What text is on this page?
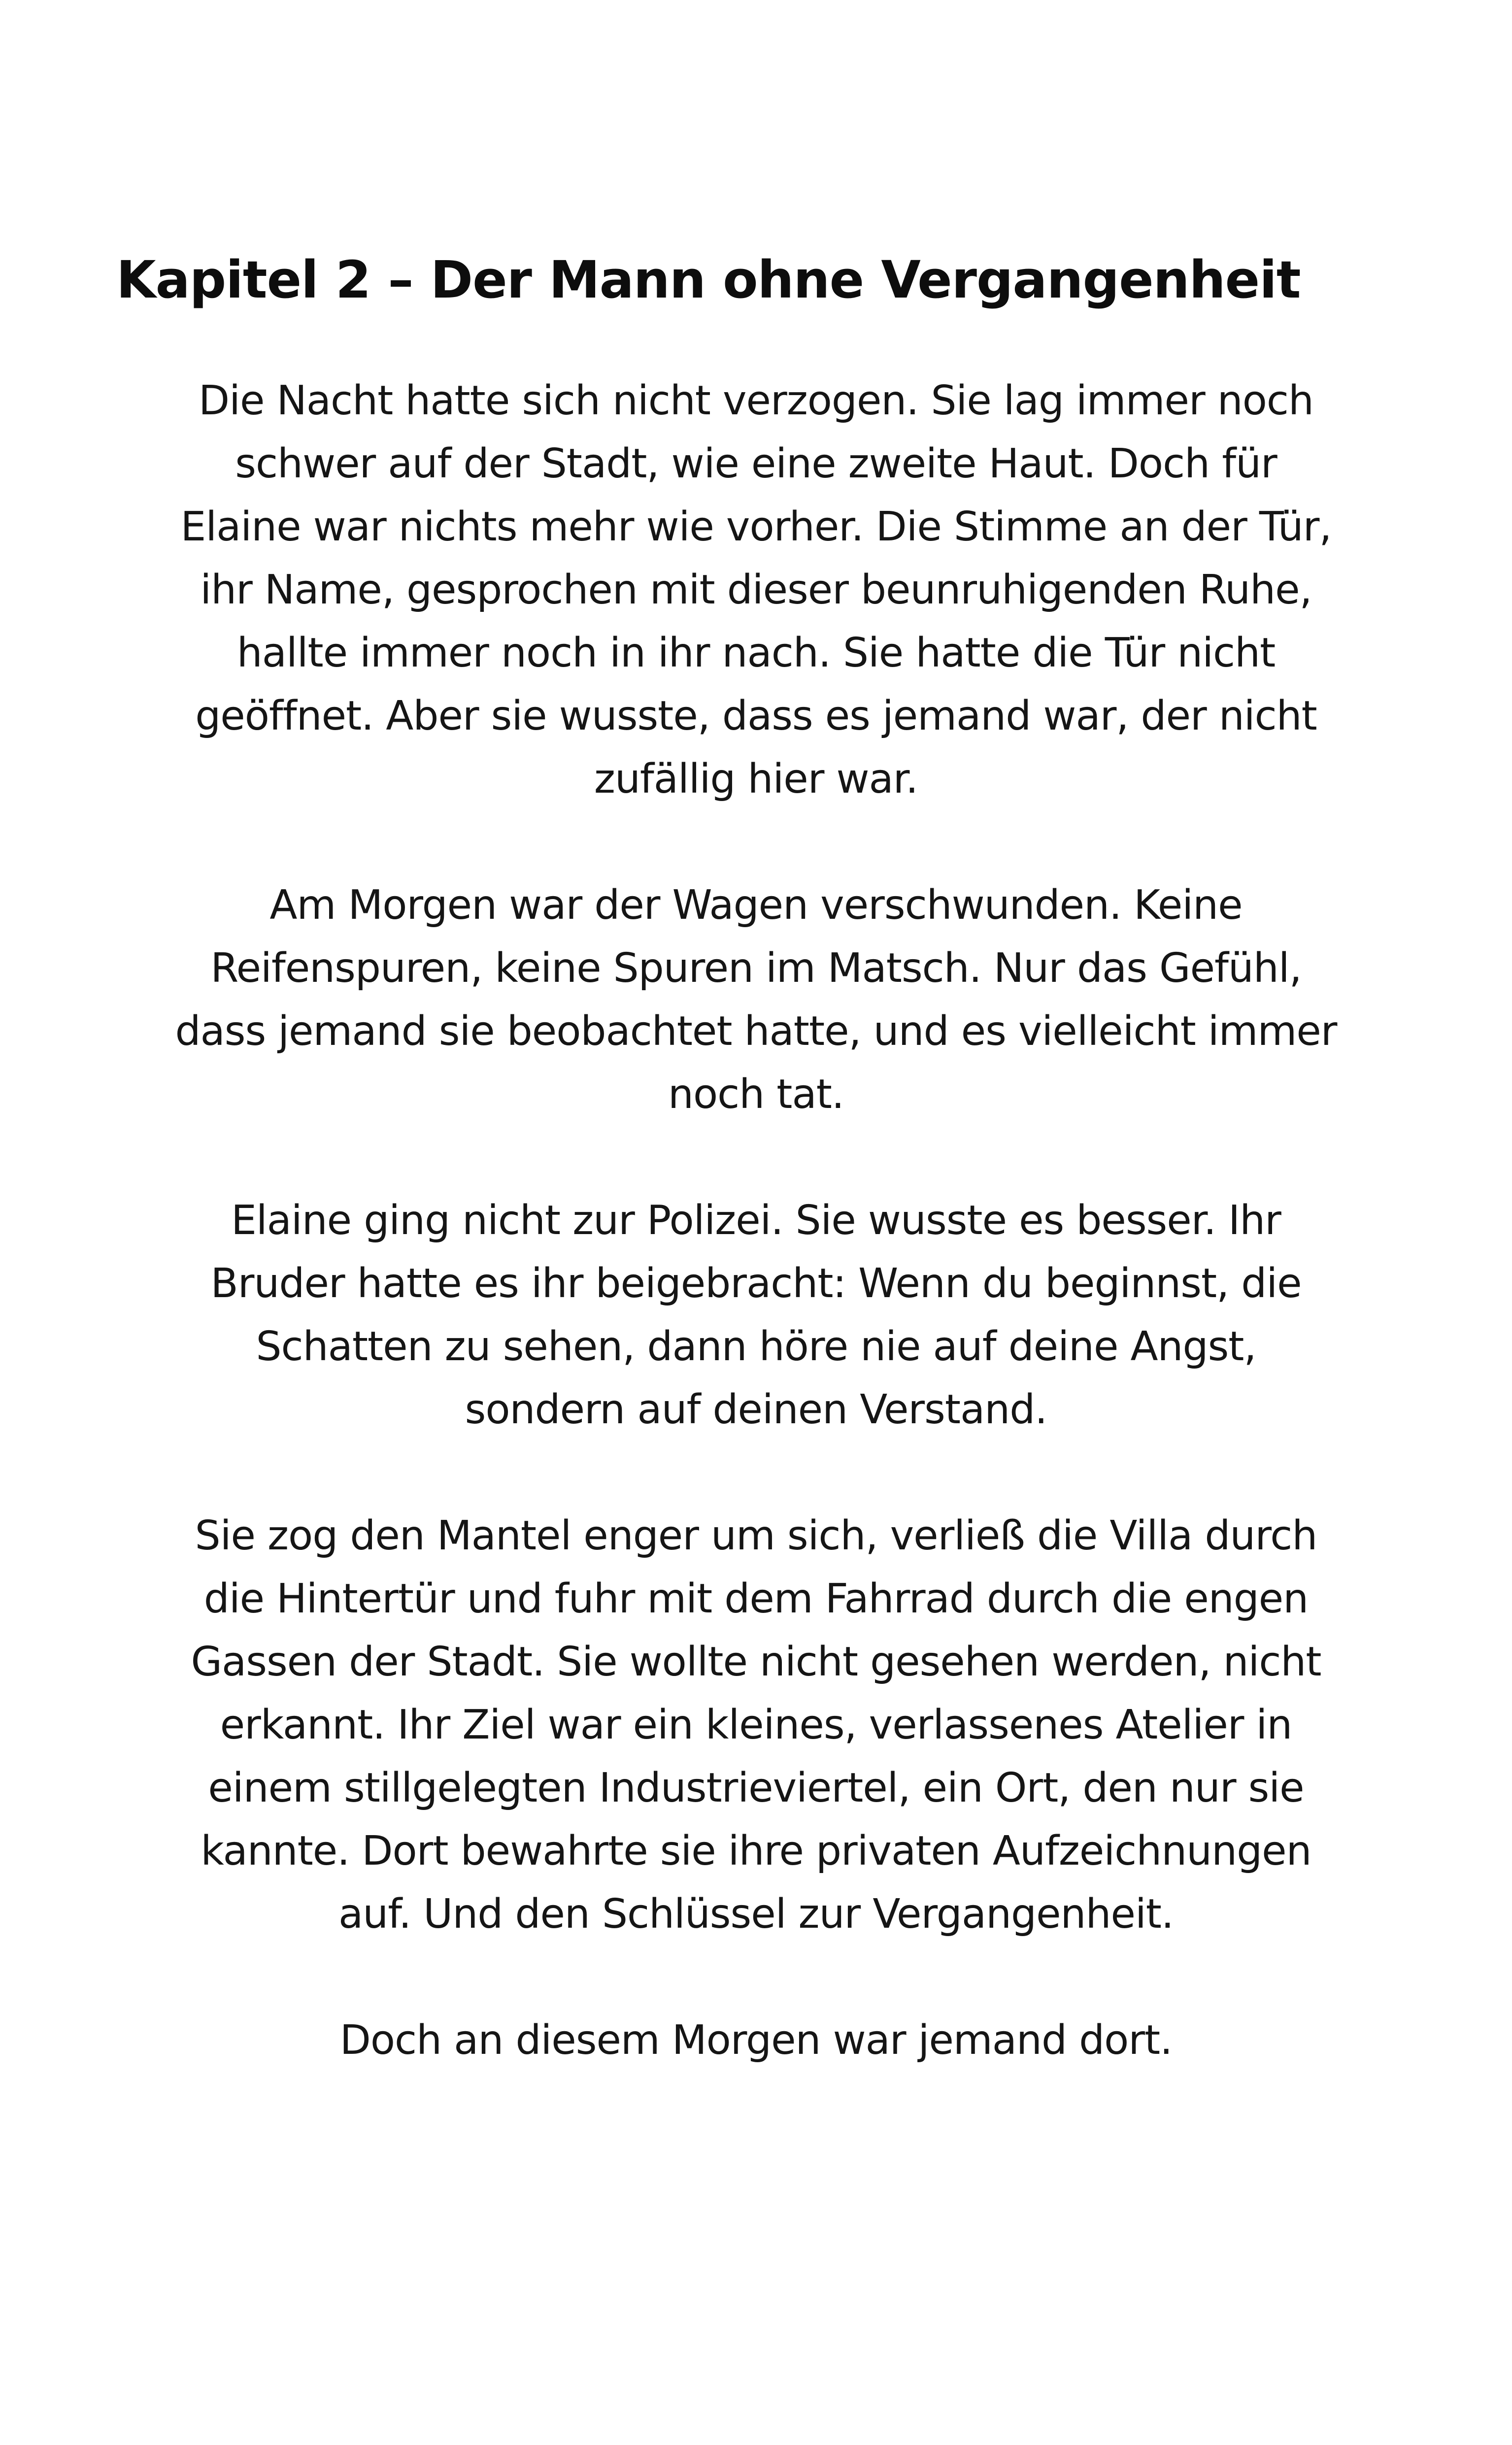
Kapitel 2 – Der Mann ohne Vergangenheit

Die Nacht hatte sich nicht verzogen. Sie lag immer noch
schwer auf der Stadt, wie eine zweite Haut. Doch für
Elaine war nichts mehr wie vorher. Die Stimme an der Tür,
ihr Name, gesprochen mit dieser beunruhigenden Ruhe,
hallte immer noch in ihr nach. Sie hatte die Tür nicht
geöffnet. Aber sie wusste, dass es jemand war, der nicht
zufällig hier war.

Am Morgen war der Wagen verschwunden. Keine
Reifenspuren, keine Spuren im Matsch. Nur das Gefühl,
dass jemand sie beobachtet hatte, und es vielleicht immer
noch tat.

Elaine ging nicht zur Polizei. Sie wusste es besser. Ihr
Bruder hatte es ihr beigebracht: Wenn du beginnst, die
Schatten zu sehen, dann höre nie auf deine Angst,
sondern auf deinen Verstand.

Sie zog den Mantel enger um sich, verließ die Villa durch
die Hintertür und fuhr mit dem Fahrrad durch die engen
Gassen der Stadt. Sie wollte nicht gesehen werden, nicht
erkannt. Ihr Ziel war ein kleines, verlassenes Atelier in
einem stillgelegten Industrieviertel, ein Ort, den nur sie
kannte. Dort bewahrte sie ihre privaten Aufzeichnungen
auf. Und den Schlüssel zur Vergangenheit.

Doch an diesem Morgen war jemand dort.
